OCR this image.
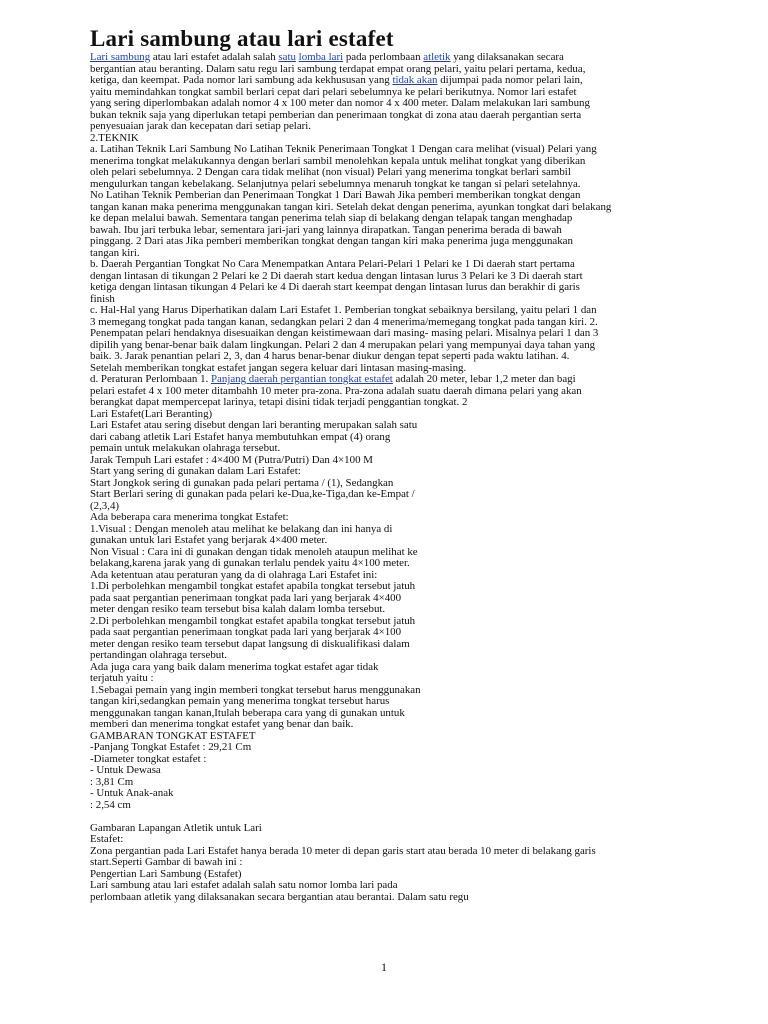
Lari sambung atau lari estafet
Lari sambung atau lari estafet adalah salah satu lomba lari pada perlombaan atletik yang dilaksanakan secara
bergantian atau beranting. Dalam satu regu lari sambung terdapat empat orang pelari, yaitu pelari pertama, kedua,
ketiga, dan keempat. Pada nomor lari sambung ada kekhususan yang tidak akan dijumpai pada nomor pelari lain,
yaitu memindahkan tongkat sambil berlari cepat dari pelari sebelumnya ke pelari berikutnya. Nomor lari estafet
yang sering diperlombakan adalah nomor 4 x 100 meter dan nomor 4 x 400 meter. Dalam melakukan lari sambung
bukan teknik saja yang diperlukan tetapi pemberian dan penerimaan tongkat di zona atau daerah pergantian serta
penyesuaian jarak dan kecepatan dari setiap pelari.
2.TEKNIK
a. Latihan Teknik Lari Sambung No Latihan Teknik Penerimaan Tongkat 1 Dengan cara melihat (visual) Pelari yang
menerima tongkat melakukannya dengan berlari sambil menolehkan kepala untuk melihat tongkat yang diberikan
oleh pelari sebelumnya. 2 Dengan cara tidak melihat (non visual) Pelari yang menerima tongkat berlari sambil
mengulurkan tangan kebelakang. Selanjutnya pelari sebelumnya menaruh tongkat ke tangan si pelari setelahnya.
No Latihan Teknik Pemberian dan Penerimaan Tongkat 1 Dari Bawah Jika pemberi memberikan tongkat dengan
tangan kanan maka penerima menggunakan tangan kiri. Setelah dekat dengan penerima, ayunkan tongkat dari belakang
ke depan melalui bawah. Sementara tangan penerima telah siap di belakang dengan telapak tangan menghadap
bawah. Ibu jari terbuka lebar, sementara jari-jari yang lainnya dirapatkan. Tangan penerima berada di bawah
pinggang. 2 Dari atas Jika pemberi memberikan tongkat dengan tangan kiri maka penerima juga menggunakan
tangan kiri.
b. Daerah Pergantian Tongkat No Cara Menempatkan Antara Pelari-Pelari 1 Pelari ke 1 Di daerah start pertama
dengan lintasan di tikungan 2 Pelari ke 2 Di daerah start kedua dengan lintasan lurus 3 Pelari ke 3 Di daerah start
ketiga dengan lintasan tikungan 4 Pelari ke 4 Di daerah start keempat dengan lintasan lurus dan berakhir di garis
finish
c. Hal-Hal yang Harus Diperhatikan dalam Lari Estafet 1. Pemberian tongkat sebaiknya bersilang, yaitu pelari 1 dan
3 memegang tongkat pada tangan kanan, sedangkan pelari 2 dan 4 menerima/memegang tongkat pada tangan kiri. 2.
Penempatan pelari hendaknya disesuaikan dengan keistimewaan dari masing- masing pelari. Misalnya pelari 1 dan 3
dipilih yang benar-benar baik dalam lingkungan. Pelari 2 dan 4 merupakan pelari yang mempunyai daya tahan yang
baik. 3. Jarak penantian pelari 2, 3, dan 4 harus benar-benar diukur dengan tepat seperti pada waktu latihan. 4.
Setelah memberikan tongkat estafet jangan segera keluar dari lintasan masing-masing.
d. Peraturan Perlombaan 1. Panjang daerah pergantian tongkat estafet adalah 20 meter, lebar 1,2 meter dan bagi
pelari estafet 4 x 100 meter ditambahh 10 meter pra-zona. Pra-zona adalah suatu daerah dimana pelari yang akan
berangkat dapat mempercepat larinya, tetapi disini tidak terjadi penggantian tongkat. 2
Lari Estafet(Lari Beranting)
Lari Estafet atau sering disebut dengan lari beranting merupakan salah satu
dari cabang atletik Lari Estafet hanya membutuhkan empat (4) orang
pemain untuk melakukan olahraga tersebut.
Jarak Tempuh Lari estafet : 4×400 M (Putra/Putri) Dan 4×100 M
Start yang sering di gunakan dalam Lari Estafet:
Start Jongkok sering di gunakan pada pelari pertama / (1), Sedangkan
Start Berlari sering di gunakan pada pelari ke-Dua,ke-Tiga,dan ke-Empat /
(2,3,4)
Ada beberapa cara menerima tongkat Estafet:
1.Visual : Dengan menoleh atau melihat ke belakang dan ini hanya di
gunakan untuk lari Estafet yang berjarak 4×400 meter.
Non Visual : Cara ini di gunakan dengan tidak menoleh ataupun melihat ke
belakang,karena jarak yang di gunakan terlalu pendek yaitu 4×100 meter.
Ada ketentuan atau peraturan yang da di olahraga Lari Estafet ini:
1.Di perbolehkan mengambil tongkat estafet apabila tongkat tersebut jatuh
pada saat pergantian penerimaan tongkat pada lari yang berjarak 4×400
meter dengan resiko team tersebut bisa kalah dalam lomba tersebut.
2.Di perbolehkan mengambil tongkat estafet apabila tongkat tersebut jatuh
pada saat pergantian penerimaan tongkat pada lari yang berjarak 4×100
meter dengan resiko team tersebut dapat langsung di diskualifikasi dalam
pertandingan olahraga tersebut.
Ada juga cara yang baik dalam menerima togkat estafet agar tidak
terjatuh yaitu :
1.Sebagai pemain yang ingin memberi tongkat tersebut harus menggunakan
tangan kiri,sedangkan pemain yang menerima tongkat tersebut harus
menggunakan tangan kanan,Itulah beberapa cara yang di gunakan untuk
memberi dan menerima tongkat estafet yang benar dan baik.
GAMBARAN TONGKAT ESTAFET
-Panjang Tongkat Estafet : 29,21 Cm
-Diameter tongkat estafet :
- Untuk Dewasa
: 3,81 Cm
- Untuk Anak-anak
: 2,54 cm
Gambaran Lapangan Atletik untuk Lari
Estafet:
Zona pergantian pada Lari Estafet hanya berada 10 meter di depan garis start atau berada 10 meter di belakang garis
start.Seperti Gambar di bawah ini :
Pengertian Lari Sambung (Estafet)
Lari sambung atau lari estafet adalah salah satu nomor lomba lari pada
perlombaan atletik yang dilaksanakan secara bergantian atau berantai. Dalam satu regu
1
